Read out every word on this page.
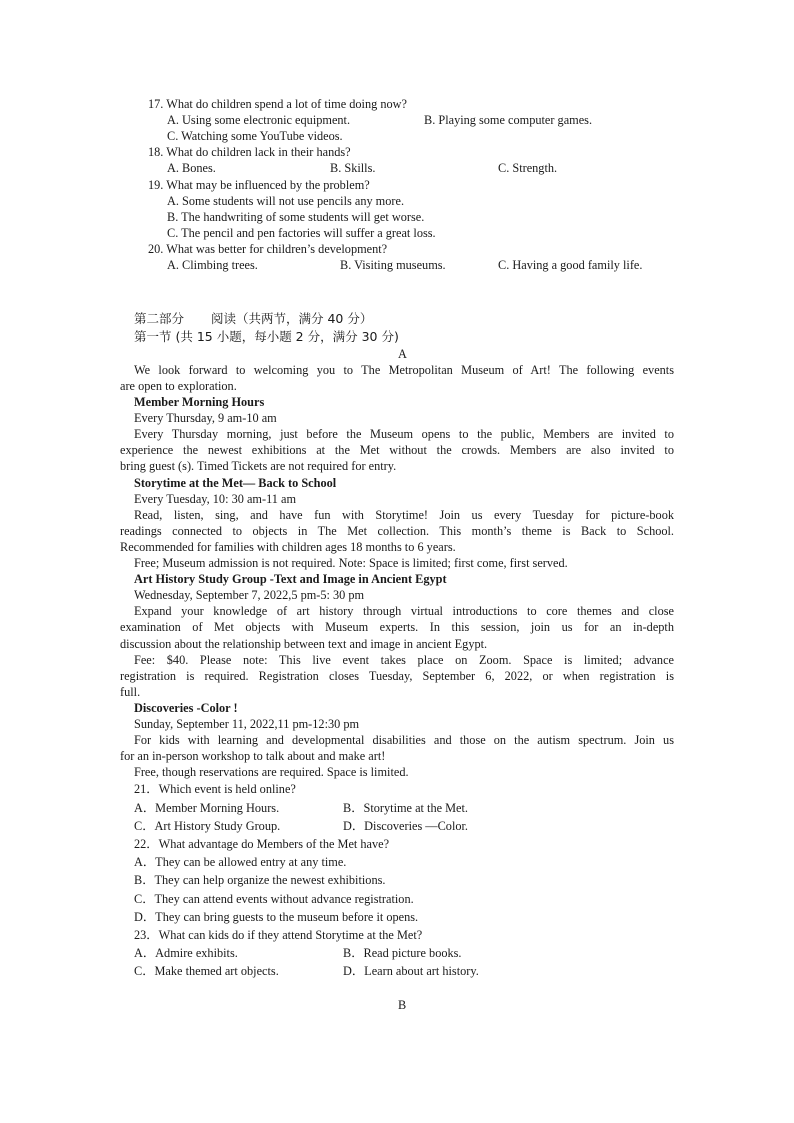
17. What do children spend a lot of time doing now?
A. Using some electronic equipment.	B. Playing some computer games.
C. Watching some YouTube videos.
18. What do children lack in their hands?
A. Bones.	B. Skills.	C. Strength.
19. What may be influenced by the problem?
A. Some students will not use pencils any more.
B. The handwriting of some students will get worse.
C. The pencil and pen factories will suffer a great loss.
20. What was better for children’s development?
A. Climbing trees.	B. Visiting museums.	C. Having a good family life.
第二部分 阅读（共两节，满分 40 分）
第一节 (共 15 小题，每小题 2 分，满分 30 分)
A
We look forward to welcoming you to The Metropolitan Museum of Art! The following events
are open to exploration.
Member Morning Hours
Every Thursday, 9 am-10 am
Every Thursday morning, just before the Museum opens to the public, Members are invited to
experience the newest exhibitions at the Met without the crowds. Members are also invited to
bring guest (s). Timed Tickets are not required for entry.
Storytime at the Met— Back to School
Every Tuesday, 10: 30 am-11 am
Read, listen, sing, and have fun with Storytime! Join us every Tuesday for picture-book
readings connected to objects in The Met collection. This month’s theme is Back to School.
Recommended for families with children ages 18 months to 6 years.
Free; Museum admission is not required. Note: Space is limited; first come, first served.
Art History Study Group -Text and Image in Ancient Egypt
Wednesday, September 7, 2022,5 pm-5: 30 pm
Expand your knowledge of art history through virtual introductions to core themes and close
examination of Met objects with Museum experts. In this session, join us for an in-depth
discussion about the relationship between text and image in ancient Egypt.
Fee: $40. Please note: This live event takes place on Zoom. Space is limited; advance
registration is required. Registration closes Tuesday, September 6, 2022, or when registration is
full.
Discoveries -Color !
Sunday, September 11, 2022,11 pm-12:30 pm
For kids with learning and developmental disabilities and those on the autism spectrum. Join us
for an in-person workshop to talk about and make art!
Free, though reservations are required. Space is limited.
21．Which event is held online?
A．Member Morning Hours.	B．Storytime at the Met.
C．Art History Study Group.	D．Discoveries —Color.
22．What advantage do Members of the Met have?
A．They can be allowed entry at any time.
B．They can help organize the newest exhibitions.
C．They can attend events without advance registration.
D．They can bring guests to the museum before it opens.
23．What can kids do if they attend Storytime at the Met?
A．Admire exhibits.	B．Read picture books.
C．Make themed art objects.	D．Learn about art history.
B
